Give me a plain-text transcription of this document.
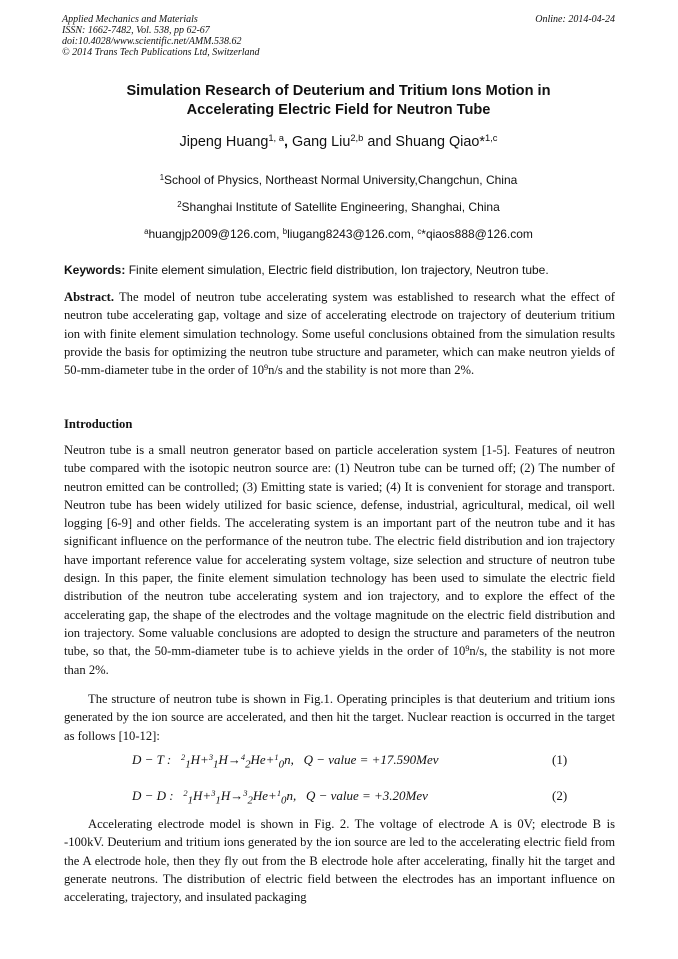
Applied Mechanics and Materials
ISSN: 1662-7482, Vol. 538, pp 62-67
doi:10.4028/www.scientific.net/AMM.538.62
© 2014 Trans Tech Publications Ltd, Switzerland
Online: 2014-04-24
Simulation Research of Deuterium and Tritium Ions Motion in
Accelerating Electric Field for Neutron Tube
Jipeng Huang$^{1, a}$, Gang Liu$^{2,b}$ and Shuang Qiao*$^{1,c}$
$^1$School of Physics, Northeast Normal University,Changchun, China
$^2$Shanghai Institute of Satellite Engineering, Shanghai, China
$^a$huangjp2009@126.com, $^b$liugang8243@126.com, $^c$*qiaos888@126.com
Keywords: Finite element simulation, Electric field distribution, Ion trajectory, Neutron tube.

Abstract. The model of neutron tube accelerating system was established to research what the effect of neutron tube accelerating gap, voltage and size of accelerating electrode on trajectory of deuterium tritium ion with finite element simulation technology. Some useful conclusions obtained from the simulation results provide the basis for optimizing the neutron tube structure and parameter, which can make neutron yields of 50-mm-diameter tube in the order of $10^9n/s$ and the stability is not more than 2%.

Introduction

Neutron tube is a small neutron generator based on particle acceleration system [1-5]. Features of neutron tube compared with the isotopic neutron source are: (1) Neutron tube can be turned off; (2) The number of neutron emitted can be controlled; (3) Emitting state is varied; (4) It is convenient for storage and transport. Neutron tube has been widely utilized for basic science, defense, industrial, agricultural, medical, oil well logging [6-9] and other fields. The accelerating system is an important part of the neutron tube and it has significant influence on the performance of the neutron tube. The electric field distribution and ion trajectory have important reference value for accelerating system voltage, size selection and structure of neutron tube design. In this paper, the finite element simulation technology has been used to simulate the electric field distribution of the neutron tube accelerating system and ion trajectory, and to explore the effect of the accelerating gap, the shape of the electrodes and the voltage magnitude on the electric field distribution and ion trajectory. Some valuable conclusions are adopted to design the structure and parameters of the neutron tube, so that, the 50-mm-diameter tube is to achieve yields in the order of $10^9n/s$, the stability is not more than 2%.

The structure of neutron tube is shown in Fig.1. Operating principles is that deuterium and tritium ions generated by the ion source are accelerated, and then hit the target. Nuclear reaction is occurred in the target as follows [10-12]:

D − T : $^2_1$H+$^3_1$H→$^4_2$He+$^1_0$n, Q − value = +17.590Mev	(1)
D − D : $^2_1$H+$^3_1$H→$^3_2$He+$^1_0$n, Q − value = +3.20Mev	(2)

Accelerating electrode model is shown in Fig. 2. The voltage of electrode A is 0V; electrode B is -100kV. Deuterium and tritium ions generated by the ion source are led to the accelerating electric field from the A electrode hole, then they fly out from the B electrode hole after accelerating, finally hit the target and generate neutrons. The distribution of electric field between the electrodes has an important influence on accelerating, trajectory, and insulated packaging
